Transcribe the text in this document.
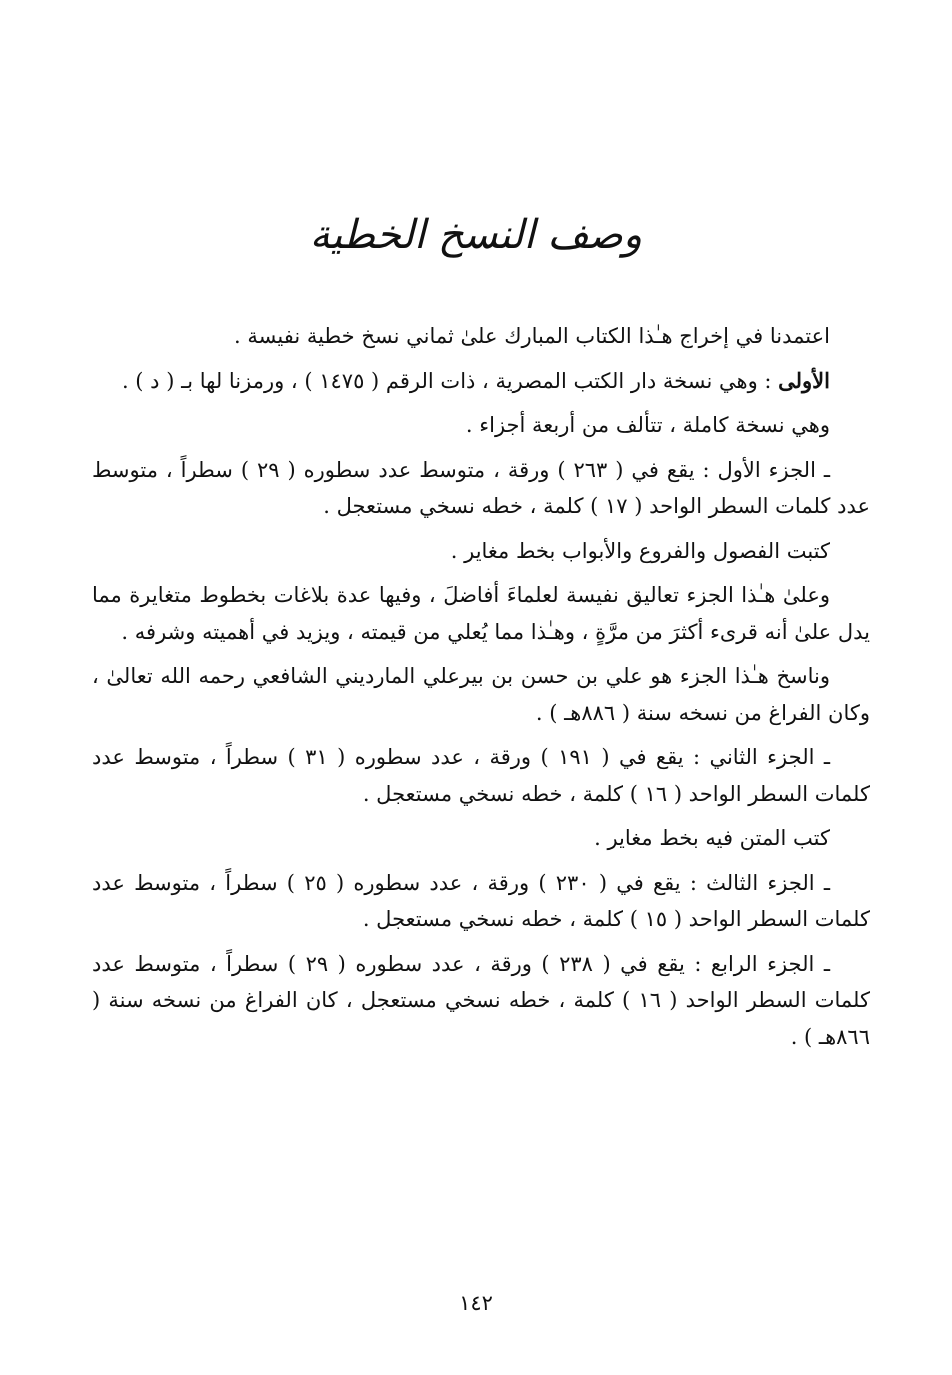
وصف النسخ الخطية

اعتمدنا في إخراج هـٰذا الكتاب المبارك علىٰ ثماني نسخ خطية نفيسة .

الأولى : وهي نسخة دار الكتب المصرية ، ذات الرقم ( ١٤٧٥ ) ، ورمزنا لها بـ ( د ) .

وهي نسخة كاملة ، تتألف من أربعة أجزاء .

ـ الجزء الأول : يقع في ( ٢٦٣ ) ورقة ، متوسط عدد سطوره ( ٢٩ ) سطراً ، متوسط عدد كلمات السطر الواحد ( ١٧ ) كلمة ، خطه نسخي مستعجل .

كتبت الفصول والفروع والأبواب بخط مغاير .

وعلىٰ هـٰذا الجزء تعاليق نفيسة لعلماءَ أفاضلَ ، وفيها عدة بلاغات بخطوط متغايرة مما يدل علىٰ أنه قرىء أكثرَ من مرَّةٍ ، وهـٰذا مما يُعلي من قيمته ، ويزيد في أهميته وشرفه .

وناسخ هـٰذا الجزء هو علي بن حسن بن بيرعلي المارديني الشافعي رحمه الله تعالىٰ ، وكان الفراغ من نسخه سنة ( ٨٨٦هـ ) .

ـ الجزء الثاني : يقع في ( ١٩١ ) ورقة ، عدد سطوره ( ٣١ ) سطراً ، متوسط عدد كلمات السطر الواحد ( ١٦ ) كلمة ، خطه نسخي مستعجل .

كتب المتن فيه بخط مغاير .

ـ الجزء الثالث : يقع في ( ٢٣٠ ) ورقة ، عدد سطوره ( ٢٥ ) سطراً ، متوسط عدد كلمات السطر الواحد ( ١٥ ) كلمة ، خطه نسخي مستعجل .

ـ الجزء الرابع : يقع في ( ٢٣٨ ) ورقة ، عدد سطوره ( ٢٩ ) سطراً ، متوسط عدد كلمات السطر الواحد ( ١٦ ) كلمة ، خطه نسخي مستعجل ، كان الفراغ من نسخه سنة ( ٨٦٦هـ ) .

١٤٢
